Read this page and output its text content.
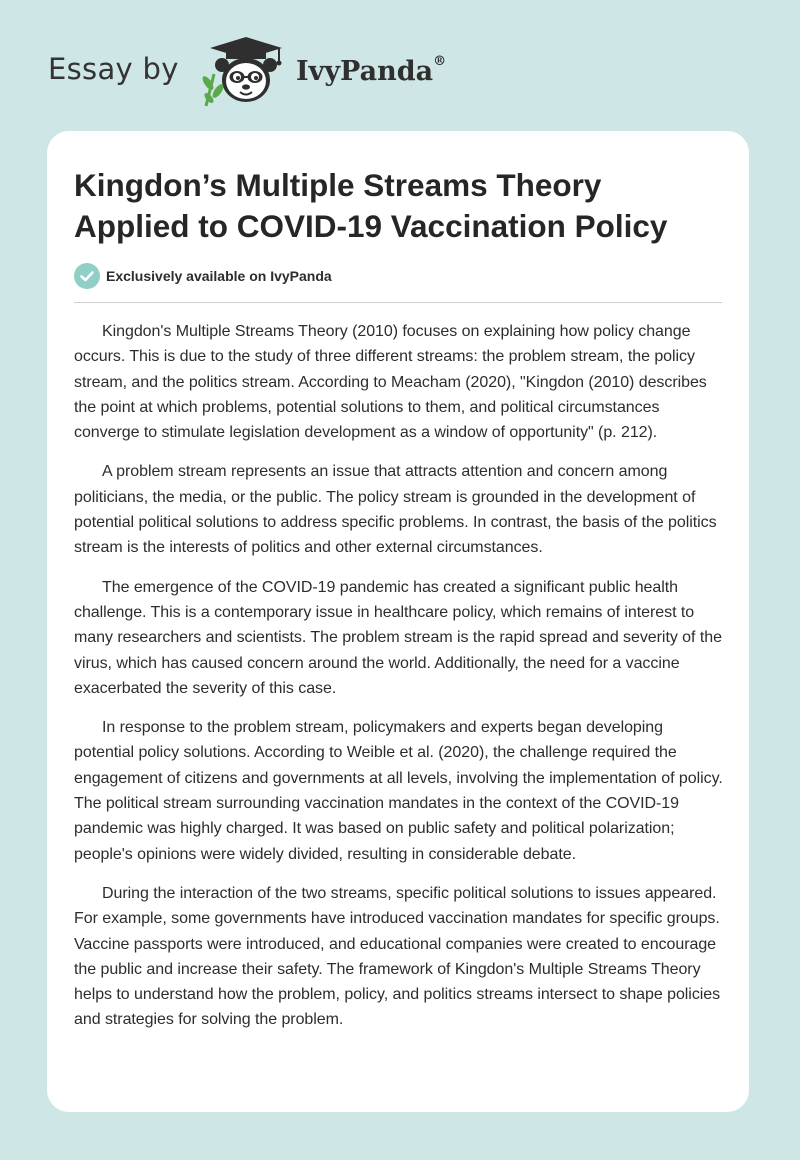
Essay by	IvyPanda®
Kingdon’s Multiple Streams Theory Applied to COVID-19 Vaccination Policy
Exclusively available on IvyPanda

Kingdon's Multiple Streams Theory (2010) focuses on explaining how policy change occurs. This is due to the study of three different streams: the problem stream, the policy stream, and the politics stream. According to Meacham (2020), "Kingdon (2010) describes the point at which problems, potential solutions to them, and political circumstances converge to stimulate legislation development as a window of opportunity" (p. 212).

A problem stream represents an issue that attracts attention and concern among politicians, the media, or the public. The policy stream is grounded in the development of potential political solutions to address specific problems. In contrast, the basis of the politics stream is the interests of politics and other external circumstances.

The emergence of the COVID-19 pandemic has created a significant public health challenge. This is a contemporary issue in healthcare policy, which remains of interest to many researchers and scientists. The problem stream is the rapid spread and severity of the virus, which has caused concern around the world. Additionally, the need for a vaccine exacerbated the severity of this case.

In response to the problem stream, policymakers and experts began developing potential policy solutions. According to Weible et al. (2020), the challenge required the engagement of citizens and governments at all levels, involving the implementation of policy. The political stream surrounding vaccination mandates in the context of the COVID-19 pandemic was highly charged. It was based on public safety and political polarization; people's opinions were widely divided, resulting in considerable debate.

During the interaction of the two streams, specific political solutions to issues appeared. For example, some governments have introduced vaccination mandates for specific groups. Vaccine passports were introduced, and educational companies were created to encourage the public and increase their safety. The framework of Kingdon's Multiple Streams Theory helps to understand how the problem, policy, and politics streams intersect to shape policies and strategies for solving the problem.
